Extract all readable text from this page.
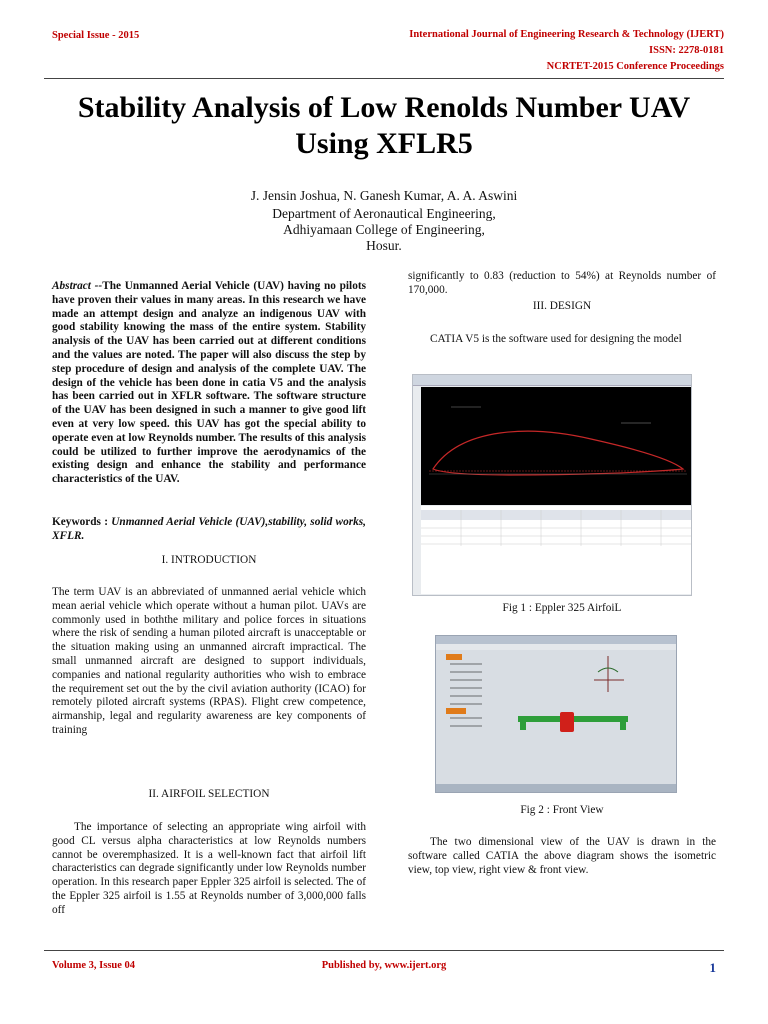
Special Issue - 2015	International Journal of Engineering Research & Technology (IJERT)
ISSN: 2278-0181
NCRTET-2015 Conference Proceedings
Stability Analysis of Low Renolds Number UAV
Using XFLR5
J. Jensin Joshua, N. Ganesh Kumar, A. A. Aswini
Department of Aeronautical Engineering,
Adhiyamaan College of Engineering,
Hosur.
Abstract --The Unmanned Aerial Vehicle (UAV) having no pilots have proven their values in many areas. In this research we have made an attempt design and analyze an indigenous UAV with good stability knowing the mass of the entire system. Stability analysis of the UAV has been carried out at different conditions and the values are noted. The paper will also discuss the step by step procedure of design and analysis of the complete UAV. The design of the vehicle has been done in catia V5 and the analysis has been carried out in XFLR software. The software structure of the UAV has been designed in such a manner to give good lift even at very low speed. this UAV has got the special ability to operate even at low Reynolds number. The results of this analysis could be utilized to further improve the aerodynamics of the existing design and enhance the stability and performance characteristics of the UAV.
Keywords : Unmanned Aerial Vehicle (UAV),stability, solid works, XFLR.
I. INTRODUCTION
The term UAV is an abbreviated of unmanned aerial vehicle which mean aerial vehicle which operate without a human pilot. UAVs are commonly used in boththe military and police forces in situations where the risk of sending a human piloted aircraft is unacceptable or the situation making using an unmanned aircraft impractical. The small unmanned aircraft are designed to support individuals, companies and national regularity authorities who wish to embrace the requirement set out the by the civil aviation authority (ICAO) for remotely piloted aircraft systems (RPAS). Flight crew competence, airmanship, legal and regularity awareness are key components of training
II. AIRFOIL SELECTION
The importance of selecting an appropriate wing airfoil with good CL versus alpha characteristics at low Reynolds numbers cannot be overemphasized. It is a well-known fact that airfoil lift characteristics can degrade significantly under low Reynolds number operation. In this research paper Eppler 325 airfoil is selected. The of the Eppler 325 airfoil is 1.55 at Reynolds number of 3,000,000 falls off
significantly to 0.83 (reduction to 54%) at Reynolds number of 170,000.
III. DESIGN
CATIA V5 is the software used for designing the model
Fig 1 : Eppler 325 AirfoiL
Fig 2 : Front View
The two dimensional view of the UAV is drawn in the software called CATIA the above diagram shows the isometric view, top view, right view & front view.
Volume 3, Issue 04	Published by, www.ijert.org	1
